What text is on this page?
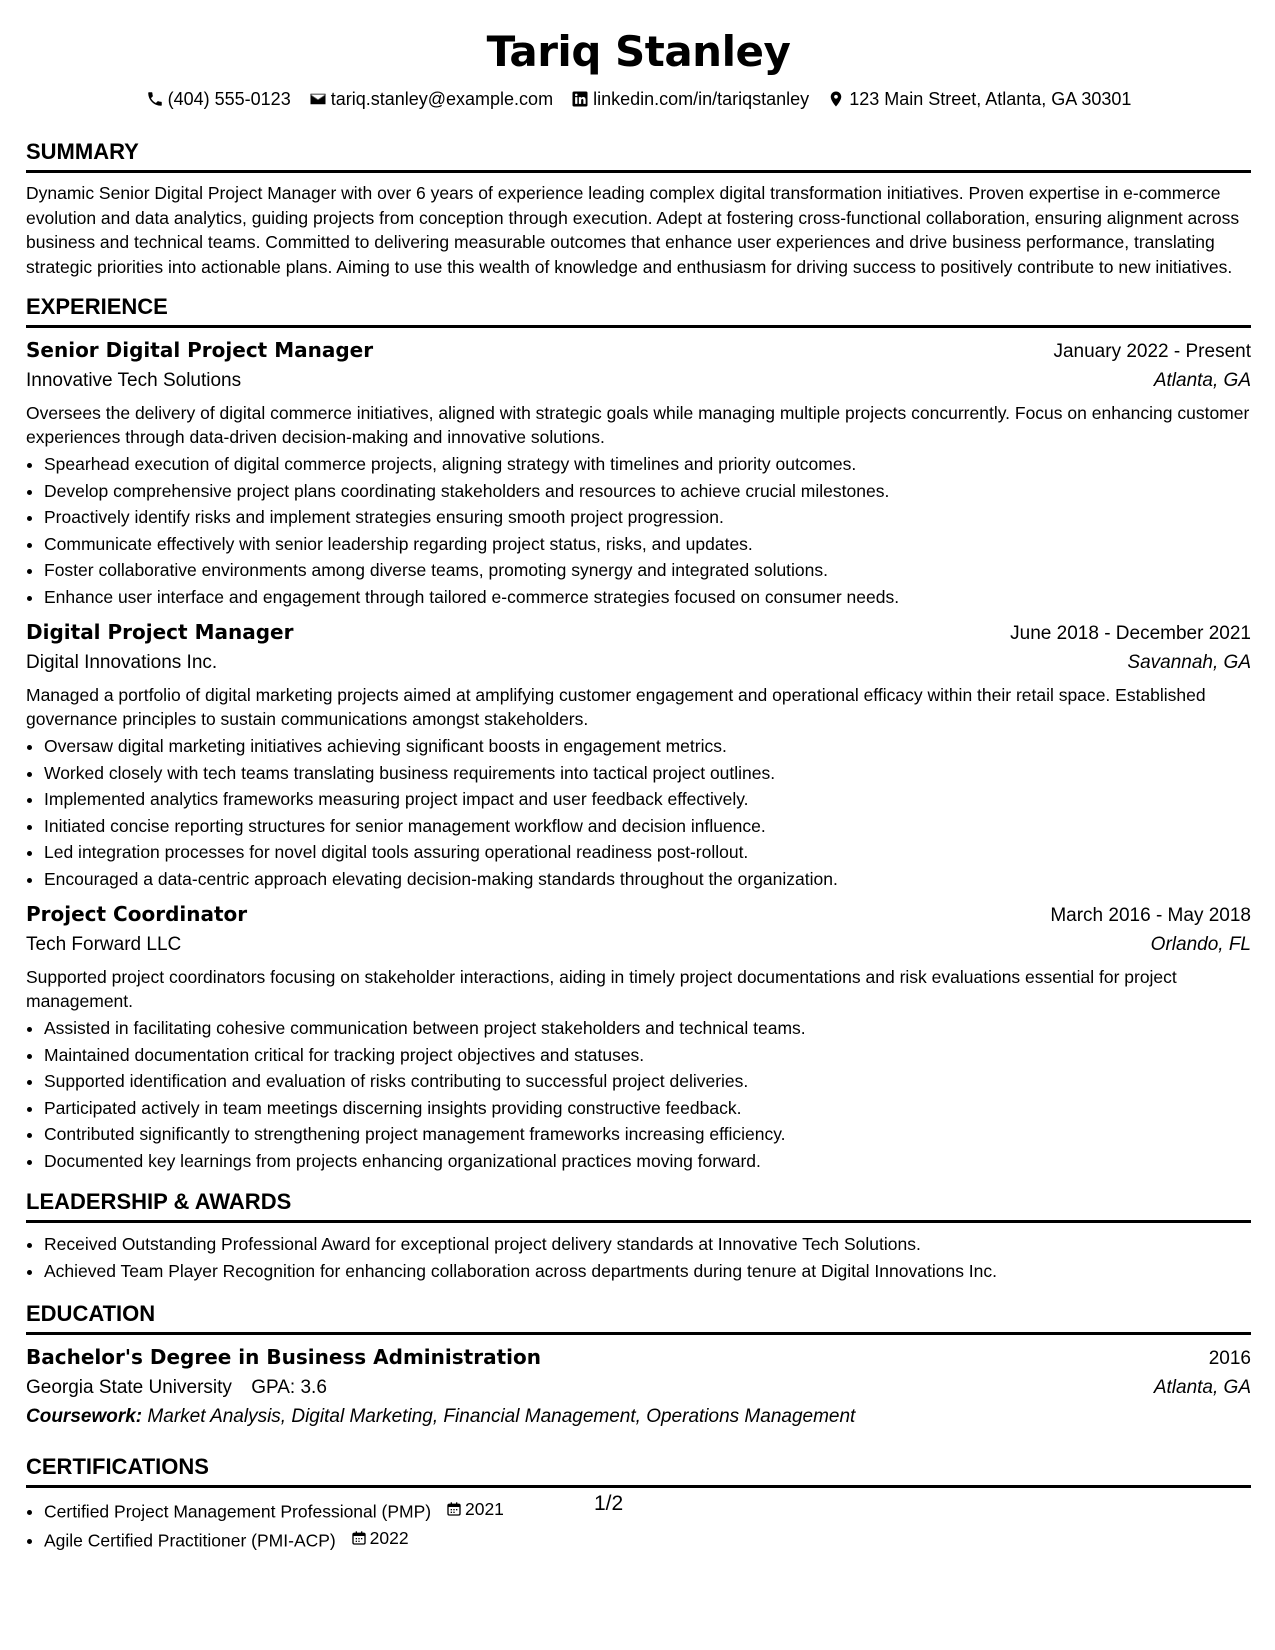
Tariq Stanley
(404) 555-0123 tariq.stanley@example.com linkedin.com/in/tariqstanley 123 Main Street, Atlanta, GA 30301
SUMMARY
Dynamic Senior Digital Project Manager with over 6 years of experience leading complex digital transformation initiatives. Proven expertise in e-commerce evolution and data analytics, guiding projects from conception through execution. Adept at fostering cross-functional collaboration, ensuring alignment across business and technical teams. Committed to delivering measurable outcomes that enhance user experiences and drive business performance, translating strategic priorities into actionable plans. Aiming to use this wealth of knowledge and enthusiasm for driving success to positively contribute to new initiatives.
EXPERIENCE
Senior Digital Project Manager	January 2022 - Present
Innovative Tech Solutions	Atlanta, GA
Oversees the delivery of digital commerce initiatives, aligned with strategic goals while managing multiple projects concurrently. Focus on enhancing customer experiences through data-driven decision-making and innovative solutions.
• Spearhead execution of digital commerce projects, aligning strategy with timelines and priority outcomes.
• Develop comprehensive project plans coordinating stakeholders and resources to achieve crucial milestones.
• Proactively identify risks and implement strategies ensuring smooth project progression.
• Communicate effectively with senior leadership regarding project status, risks, and updates.
• Foster collaborative environments among diverse teams, promoting synergy and integrated solutions.
• Enhance user interface and engagement through tailored e-commerce strategies focused on consumer needs.
Digital Project Manager	June 2018 - December 2021
Digital Innovations Inc.	Savannah, GA
Managed a portfolio of digital marketing projects aimed at amplifying customer engagement and operational efficacy within their retail space. Established governance principles to sustain communications amongst stakeholders.
• Oversaw digital marketing initiatives achieving significant boosts in engagement metrics.
• Worked closely with tech teams translating business requirements into tactical project outlines.
• Implemented analytics frameworks measuring project impact and user feedback effectively.
• Initiated concise reporting structures for senior management workflow and decision influence.
• Led integration processes for novel digital tools assuring operational readiness post-rollout.
• Encouraged a data-centric approach elevating decision-making standards throughout the organization.
Project Coordinator	March 2016 - May 2018
Tech Forward LLC	Orlando, FL
Supported project coordinators focusing on stakeholder interactions, aiding in timely project documentations and risk evaluations essential for project management.
• Assisted in facilitating cohesive communication between project stakeholders and technical teams.
• Maintained documentation critical for tracking project objectives and statuses.
• Supported identification and evaluation of risks contributing to successful project deliveries.
• Participated actively in team meetings discerning insights providing constructive feedback.
• Contributed significantly to strengthening project management frameworks increasing efficiency.
• Documented key learnings from projects enhancing organizational practices moving forward.
LEADERSHIP & AWARDS
• Received Outstanding Professional Award for exceptional project delivery standards at Innovative Tech Solutions.
• Achieved Team Player Recognition for enhancing collaboration across departments during tenure at Digital Innovations Inc.
EDUCATION
Bachelor's Degree in Business Administration	2016
Georgia State University GPA: 3.6	Atlanta, GA
Coursework: Market Analysis, Digital Marketing, Financial Management, Operations Management
CERTIFICATIONS
• Certified Project Management Professional (PMP) 2021
• Agile Certified Practitioner (PMI-ACP) 2022
1/2
